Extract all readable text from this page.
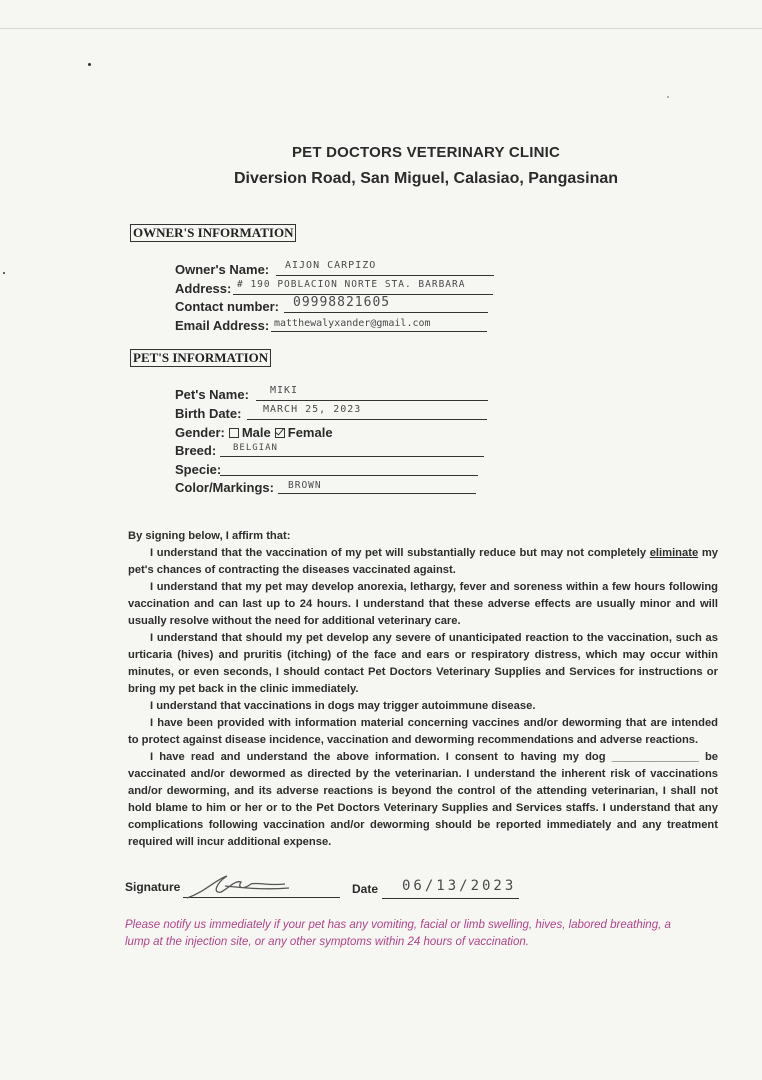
PET DOCTORS VETERINARY CLINIC
Diversion Road, San Miguel, Calasiao, Pangasinan
OWNER'S INFORMATION
Owner's Name: AIJON CARPIZO
Address: # 190 POBLACION NORTE STA. BARBARA
Contact number: 09998821605
Email Address: matthewalyxander@gmail.com
PET'S INFORMATION
Pet's Name: MIKI
Birth Date: MARCH 25, 2023
Gender: Male Female
Breed: BELGIAN
Specie:
Color/Markings: BROWN

By signing below, I affirm that:

I understand that the vaccination of my pet will substantially reduce but may not completely eliminate my pet's chances of contracting the diseases vaccinated against.

I understand that my pet may develop anorexia, lethargy, fever and soreness within a few hours following vaccination and can last up to 24 hours. I understand that these adverse effects are usually minor and will usually resolve without the need for additional veterinary care.

I understand that should my pet develop any severe of unanticipated reaction to the vaccination, such as urticaria (hives) and pruritis (itching) of the face and ears or respiratory distress, which may occur within minutes, or even seconds, I should contact Pet Doctors Veterinary Supplies and Services for instructions or bring my pet back in the clinic immediately.

I understand that vaccinations in dogs may trigger autoimmune disease.

I have been provided with information material concerning vaccines and/or deworming that are intended to protect against disease incidence, vaccination and deworming recommendations and adverse reactions.

I have read and understand the above information. I consent to having my dog ______________ be vaccinated and/or dewormed as directed by the veterinarian. I understand the inherent risk of vaccinations and/or deworming, and its adverse reactions is beyond the control of the attending veterinarian, I shall not hold blame to him or her or to the Pet Doctors Veterinary Supplies and Services staffs. I understand that any complications following vaccination and/or deworming should be reported immediately and any treatment required will incur additional expense.

Signature	Date 06/13/2023
Please notify us immediately if your pet has any vomiting, facial or limb swelling, hives, labored breathing, a lump at the injection site, or any other symptoms within 24 hours of vaccination.
